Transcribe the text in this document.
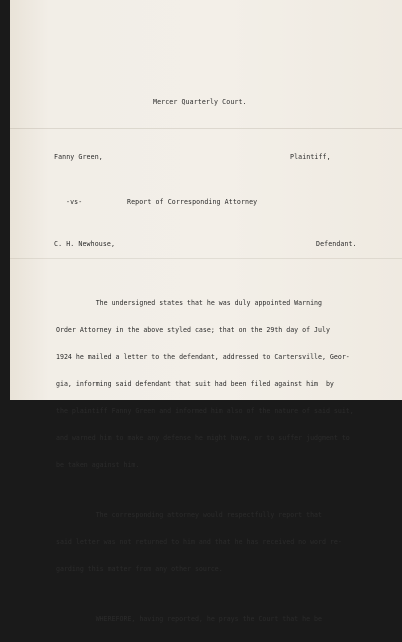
Mercer Quarterly Court.
Fanny Green,	Plaintiff,
-vs-	Report of Corresponding Attorney
C. H. Newhouse,	Defendant.

The undersigned states that he was duly appointed Warning

Order Attorney in the above styled case; that on the 29th day of July

1924 he mailed a letter to the defendant, addressed to Cartersville, Geor-

gia, informing said defendant that suit had been filed against him  by

the plaintiff Fanny Green and informed him also of the nature of said suit,

and warned him to make any defense he might have, or to suffer judgment to

be taken against him.

The corresponding attorney would respectfully report that

said letter was not returned to him and that he has received no word re-

garding this matter from any other source.

WHEREFORE, having reported, he prays the Court that he be
